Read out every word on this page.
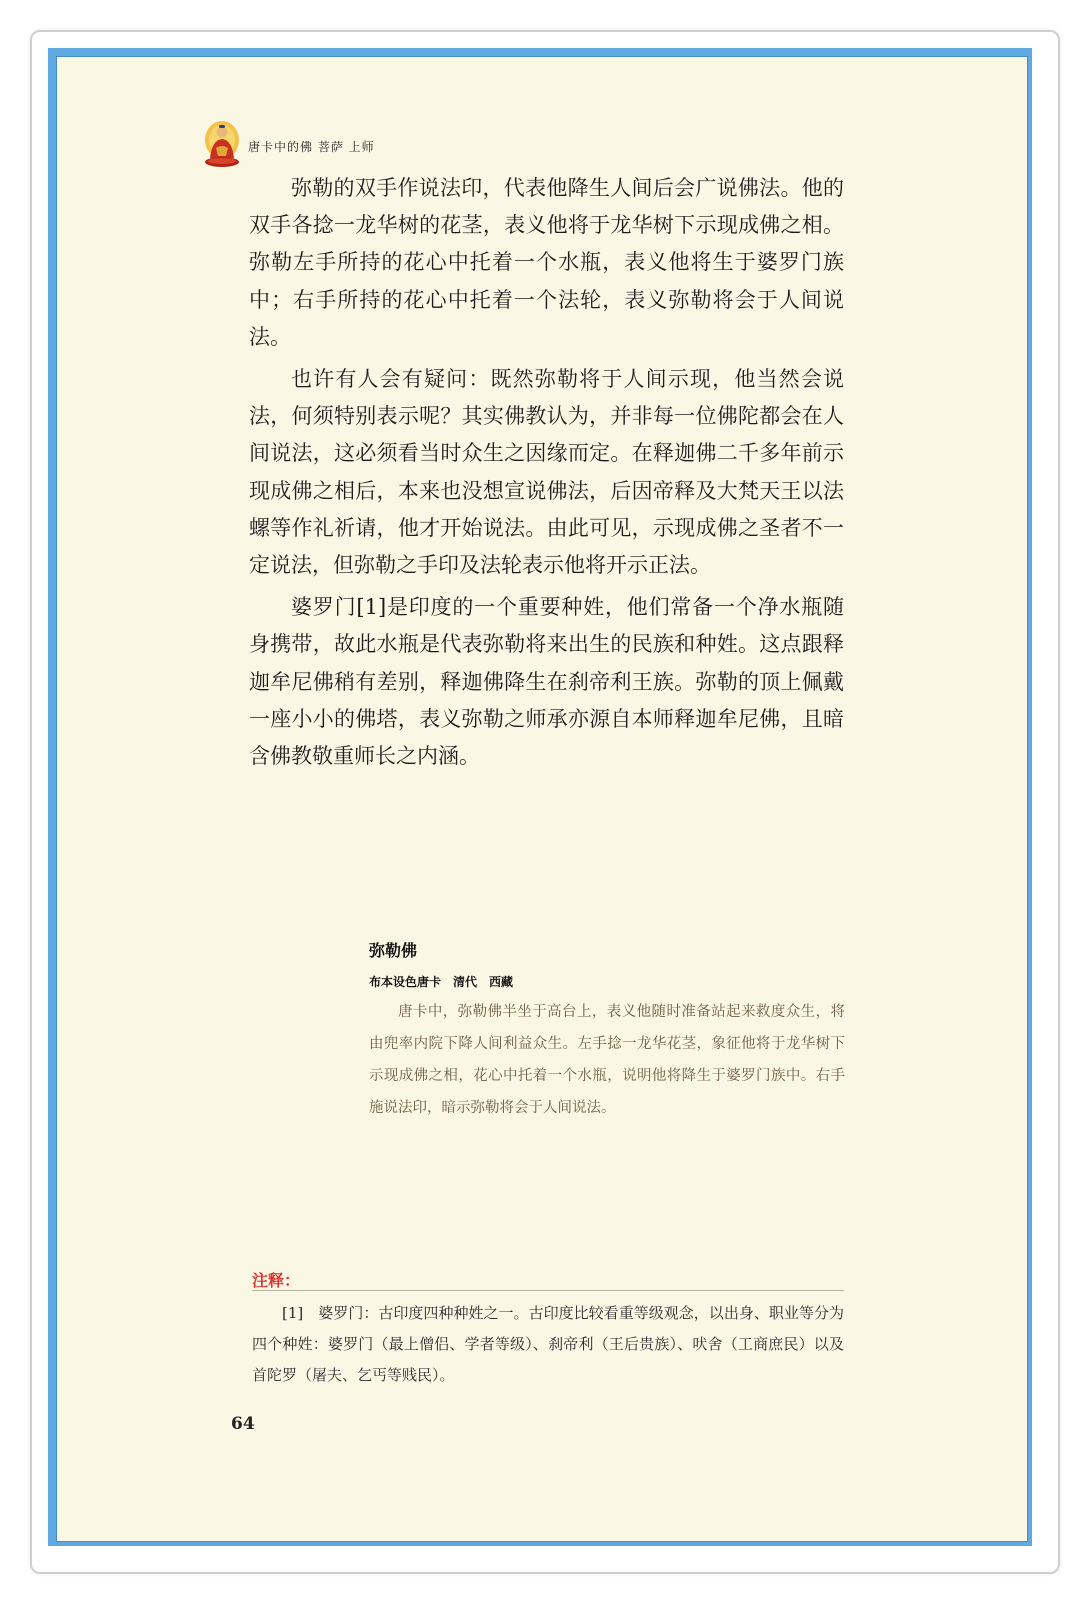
唐卡中的佛 菩萨 上师

弥勒的双手作说法印，代表他降生人间后会广说佛法。他的双手各捻一龙华树的花茎，表义他将于龙华树下示现成佛之相。弥勒左手所持的花心中托着一个水瓶，表义他将生于婆罗门族中；右手所持的花心中托着一个法轮，表义弥勒将会于人间说法。

也许有人会有疑问：既然弥勒将于人间示现，他当然会说法，何须特别表示呢？其实佛教认为，并非每一位佛陀都会在人间说法，这必须看当时众生之因缘而定。在释迦佛二千多年前示现成佛之相后，本来也没想宣说佛法，后因帝释及大梵天王以法螺等作礼祈请，他才开始说法。由此可见，示现成佛之圣者不一定说法，但弥勒之手印及法轮表示他将开示正法。

婆罗门[1]是印度的一个重要种姓，他们常备一个净水瓶随身携带，故此水瓶是代表弥勒将来出生的民族和种姓。这点跟释迦牟尼佛稍有差别，释迦佛降生在刹帝利王族。弥勒的顶上佩戴一座小小的佛塔，表义弥勒之师承亦源自本师释迦牟尼佛，且暗含佛教敬重师长之内涵。

弥勒佛
布本设色唐卡　清代　西藏
唐卡中，弥勒佛半坐于高台上，表义他随时准备站起来救度众生，将由兜率内院下降人间利益众生。左手捻一龙华花茎，象征他将于龙华树下示现成佛之相，花心中托着一个水瓶，说明他将降生于婆罗门族中。右手施说法印，暗示弥勒将会于人间说法。
注释：
[1]　婆罗门：古印度四种种姓之一。古印度比较看重等级观念，以出身、职业等分为四个种姓：婆罗门（最上僧侣、学者等级）、刹帝利（王后贵族）、吠舍（工商庶民）以及首陀罗（屠夫、乞丐等贱民）。
64
